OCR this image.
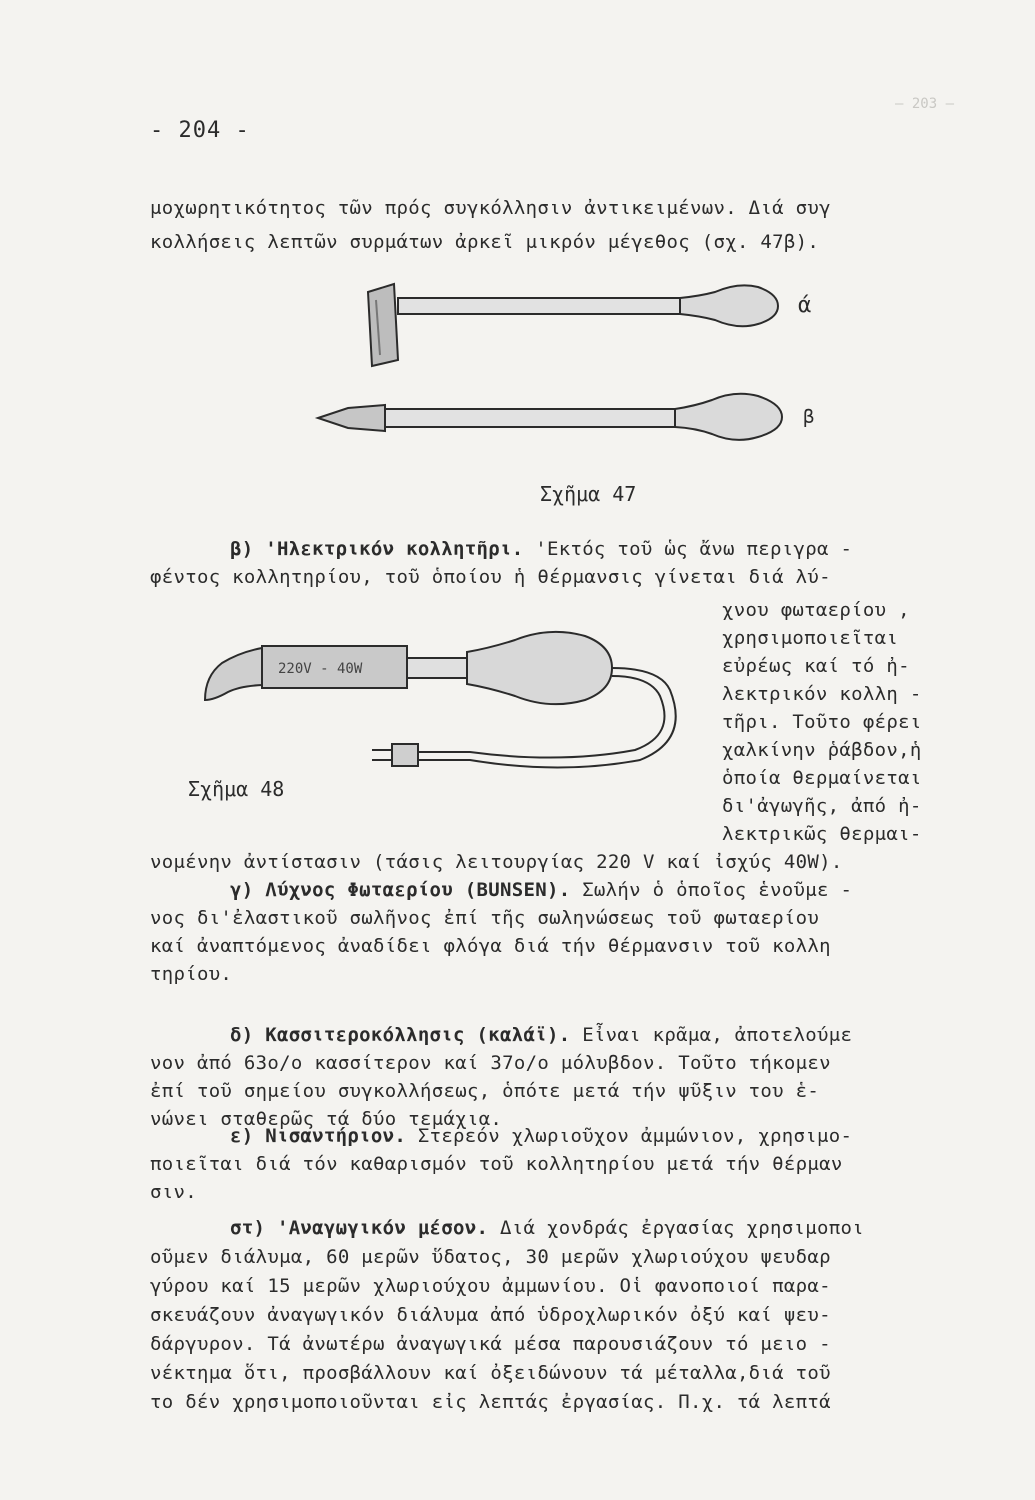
— 203 —
- 204 -
μοχωρητικότητος τῶν πρός συγκόλλησιν ἀντικειμένων. Διά συγ
κολλήσεις λεπτῶν συρμάτων ἀρκεῖ μικρόν μέγεθος (σχ. 47β).
220V - 40W
ά
β
Σχῆμα 47
β) 'Ηλεκτρικόν κολλητῆρι. 'Εκτός τοῦ ὡς ἄνω περιγρα -
φέντος κολλητηρίου, τοῦ ὁποίου ἡ θέρμανσις γίνεται διά λύ-
χνου φωταερίου ,
χρησιμοποιεῖται
εὐρέως καί τό ἠ-
λεκτρικόν κολλη -
τῆρι. Τοῦτο φέρει
χαλκίνην ῥάβδον,ἡ
ὁποία θερμαίνεται
δι'ἀγωγῆς, ἀπό ἠ-
λεκτρικῶς θερμαι-
νομένην ἀντίστασιν (τάσις λειτουργίας 220 V καί ἰσχύς 40W).
Σχῆμα 48
γ) Λύχνος Φωταερίου (BUNSEN). Σωλήν ὁ ὁποῖος ἑνοῦμε -
νος δι'ἐλαστικοῦ σωλῆνος ἐπί τῆς σωληνώσεως τοῦ φωταερίου
καί ἀναπτόμενος ἀναδίδει φλόγα διά τήν θέρμανσιν τοῦ κολλη
τηρίου.
δ) Κασσιτεροκόλλησις (καλάϊ). Εἶναι κρᾶμα, ἀποτελούμε
νον ἀπό 63ο/ο κασσίτερον καί 37ο/ο μόλυβδον. Τοῦτο τήκομεν
ἐπί τοῦ σημείου συγκολλήσεως, ὁπότε μετά τήν ψῦξιν του ἑ-
νώνει σταθερῶς τά δύο τεμάχια.
ε) Νισαντήριον. Στερεόν χλωριοῦχον ἀμμώνιον, χρησιμο-
ποιεῖται διά τόν καθαρισμόν τοῦ κολλητηρίου μετά τήν θέρμαν
σιν.
στ) 'Αναγωγικόν μέσον. Διά χονδράς ἐργασίας χρησιμοποι
οῦμεν διάλυμα, 60 μερῶν ὕδατος, 30 μερῶν χλωριούχου ψευδαρ
γύρου καί 15 μερῶν χλωριούχου ἀμμωνίου. Οἱ φανοποιοί παρα-
σκευάζουν ἀναγωγικόν διάλυμα ἀπό ὑδροχλωρικόν ὀξύ καί ψευ-
δάργυρον. Τά ἀνωτέρω ἀναγωγικά μέσα παρουσιάζουν τό μειο -
νέκτημα ὅτι, προσβάλλουν καί ὀξειδώνουν τά μέταλλα,διά τοῦ
το δέν χρησιμοποιοῦνται εἰς λεπτάς ἐργασίας. Π.χ. τά λεπτά
